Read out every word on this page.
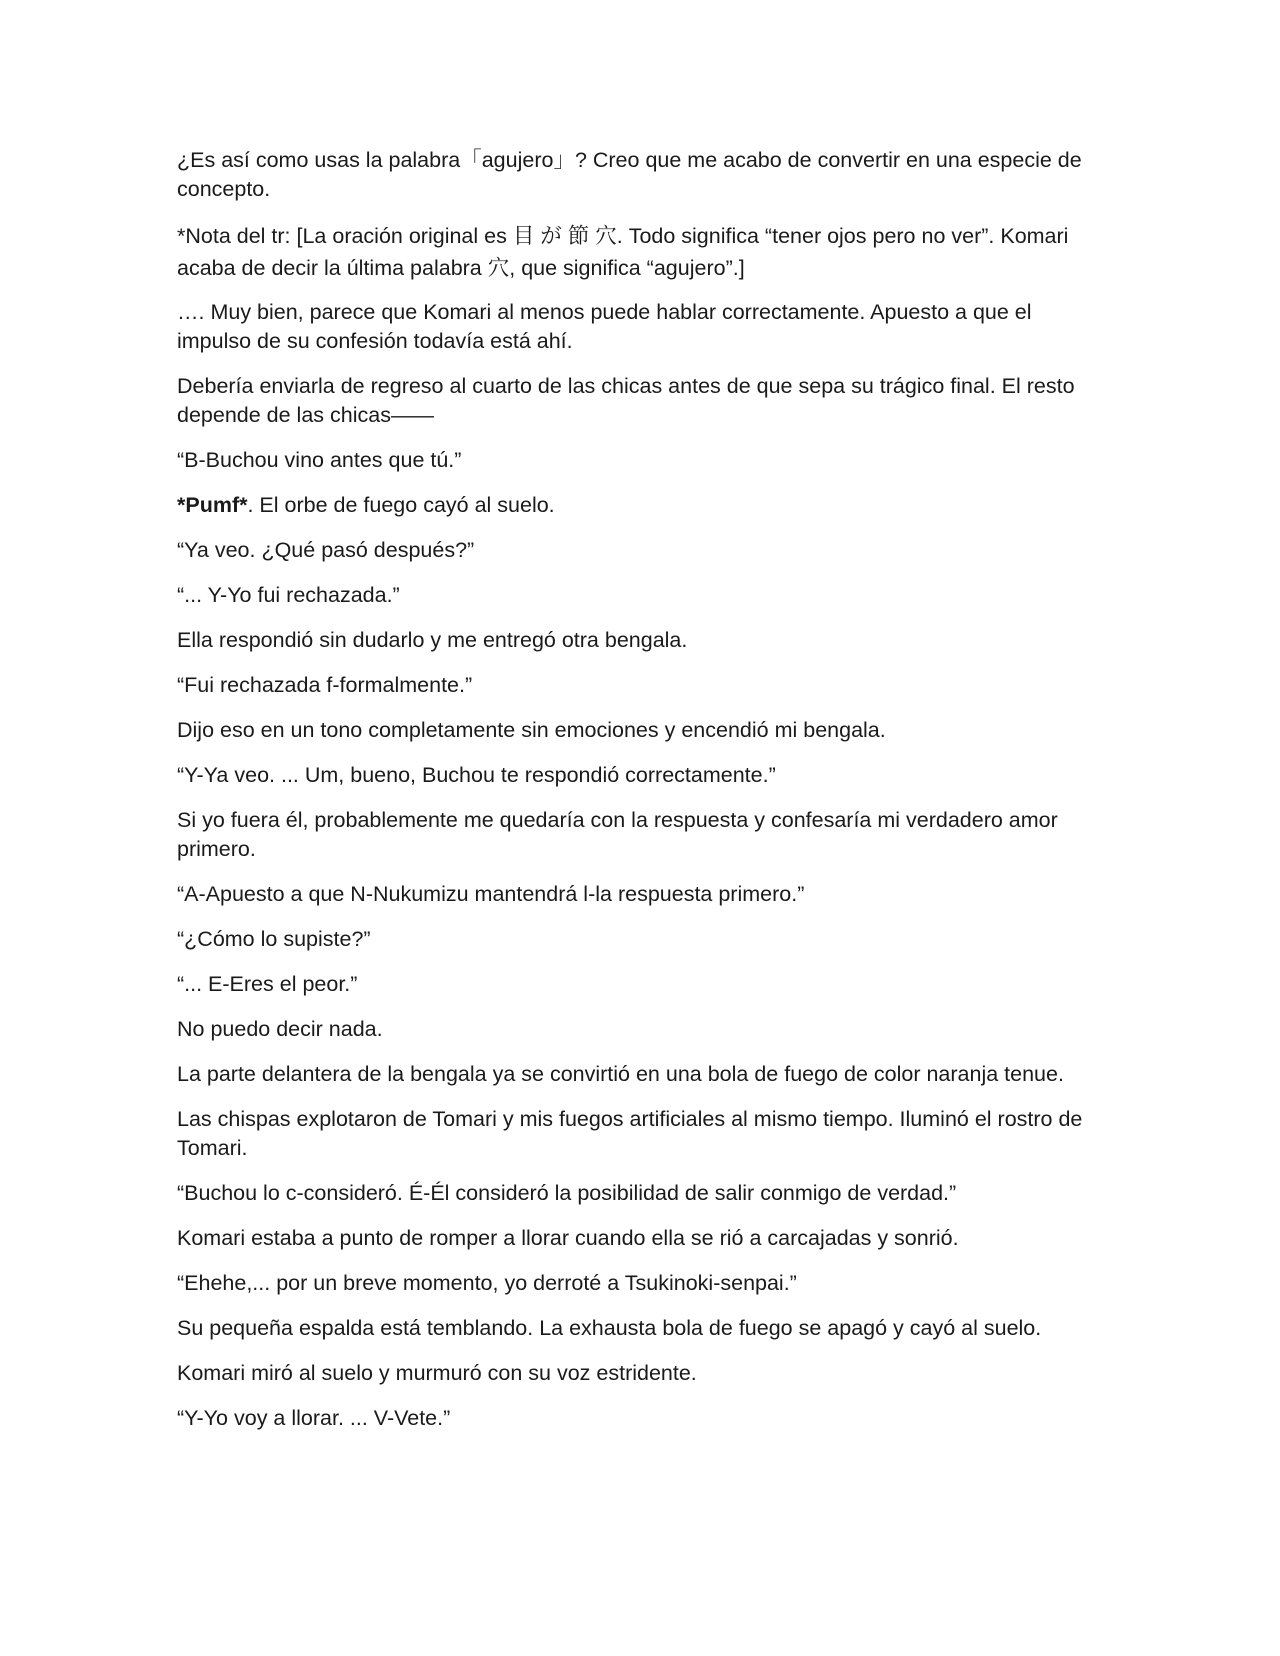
¿Es así como usas la palabra「agujero」? Creo que me acabo de convertir en una especie de concepto.

*Nota del tr: [La oración original es 目 が 節 穴. Todo significa “tener ojos pero no ver”. Komari acaba de decir la última palabra 穴, que significa “agujero”.]

…. Muy bien, parece que Komari al menos puede hablar correctamente. Apuesto a que el impulso de su confesión todavía está ahí.

Debería enviarla de regreso al cuarto de las chicas antes de que sepa su trágico final. El resto depende de las chicas――

“B-Buchou vino antes que tú.”

*Pumf*. El orbe de fuego cayó al suelo.

“Ya veo. ¿Qué pasó después?”

“... Y-Yo fui rechazada.”

Ella respondió sin dudarlo y me entregó otra bengala.

“Fui rechazada f-formalmente.”

Dijo eso en un tono completamente sin emociones y encendió mi bengala.

“Y-Ya veo. ... Um, bueno, Buchou te respondió correctamente.”

Si yo fuera él, probablemente me quedaría con la respuesta y confesaría mi verdadero amor primero.

“A-Apuesto a que N-Nukumizu mantendrá l-la respuesta primero.”

“¿Cómo lo supiste?”

“... E-Eres el peor.”

No puedo decir nada.

La parte delantera de la bengala ya se convirtió en una bola de fuego de color naranja tenue.

Las chispas explotaron de Tomari y mis fuegos artificiales al mismo tiempo. Iluminó el rostro de Tomari.

“Buchou lo c-consideró. É-Él consideró la posibilidad de salir conmigo de verdad.”

Komari estaba a punto de romper a llorar cuando ella se rió a carcajadas y sonrió.

“Ehehe,... por un breve momento, yo derroté a Tsukinoki-senpai.”

Su pequeña espalda está temblando. La exhausta bola de fuego se apagó y cayó al suelo.

Komari miró al suelo y murmuró con su voz estridente.

“Y-Yo voy a llorar. ... V-Vete.”
